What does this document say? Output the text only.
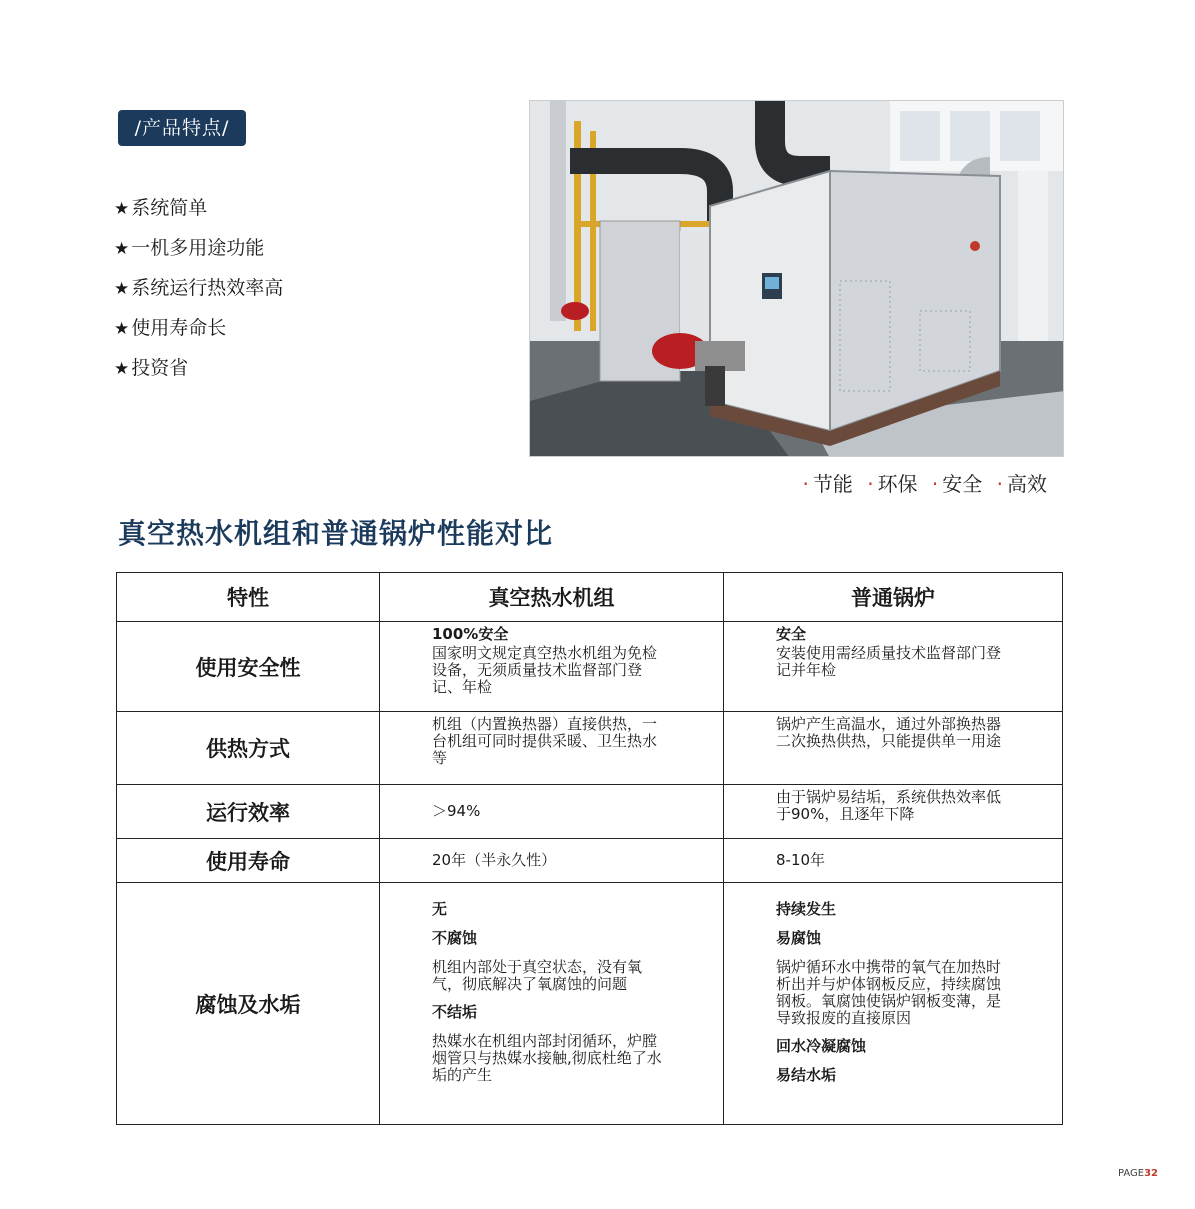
/产品特点/
★ 系统简单
★ 一机多用途功能
★ 系统运行热效率高
★ 使用寿命长
★ 投资省
· 节能 · 环保 · 安全 · 高效
真空热水机组和普通锅炉性能对比
特性	真空热水机组	普通锅炉
使用安全性	100%安全
国家明文规定真空热水机组为免检设备，无须质量技术监督部门登记、年检	安全
安装使用需经质量技术监督部门登记并年检

供热方式	机组（内置换热器）直接供热，一台机组可同时提供采暖、卫生热水等	锅炉产生高温水，通过外部换热器二次换热供热，只能提供单一用途

运行效率	＞94%	由于锅炉易结垢，系统供热效率低于90%，且逐年下降

使用寿命	20年（半永久性）	8-10年

腐蚀及水垢	无
不腐蚀
机组内部处于真空状态，没有氧气，彻底解决了氧腐蚀的问题
不结垢
热媒水在机组内部封闭循环，炉膛烟管只与热媒水接触,彻底杜绝了水垢的产生	持续发生
易腐蚀
锅炉循环水中携带的氧气在加热时析出并与炉体钢板反应，持续腐蚀钢板。氧腐蚀使锅炉钢板变薄，是导致报废的直接原因
回水冷凝腐蚀
易结水垢
PAGE32
